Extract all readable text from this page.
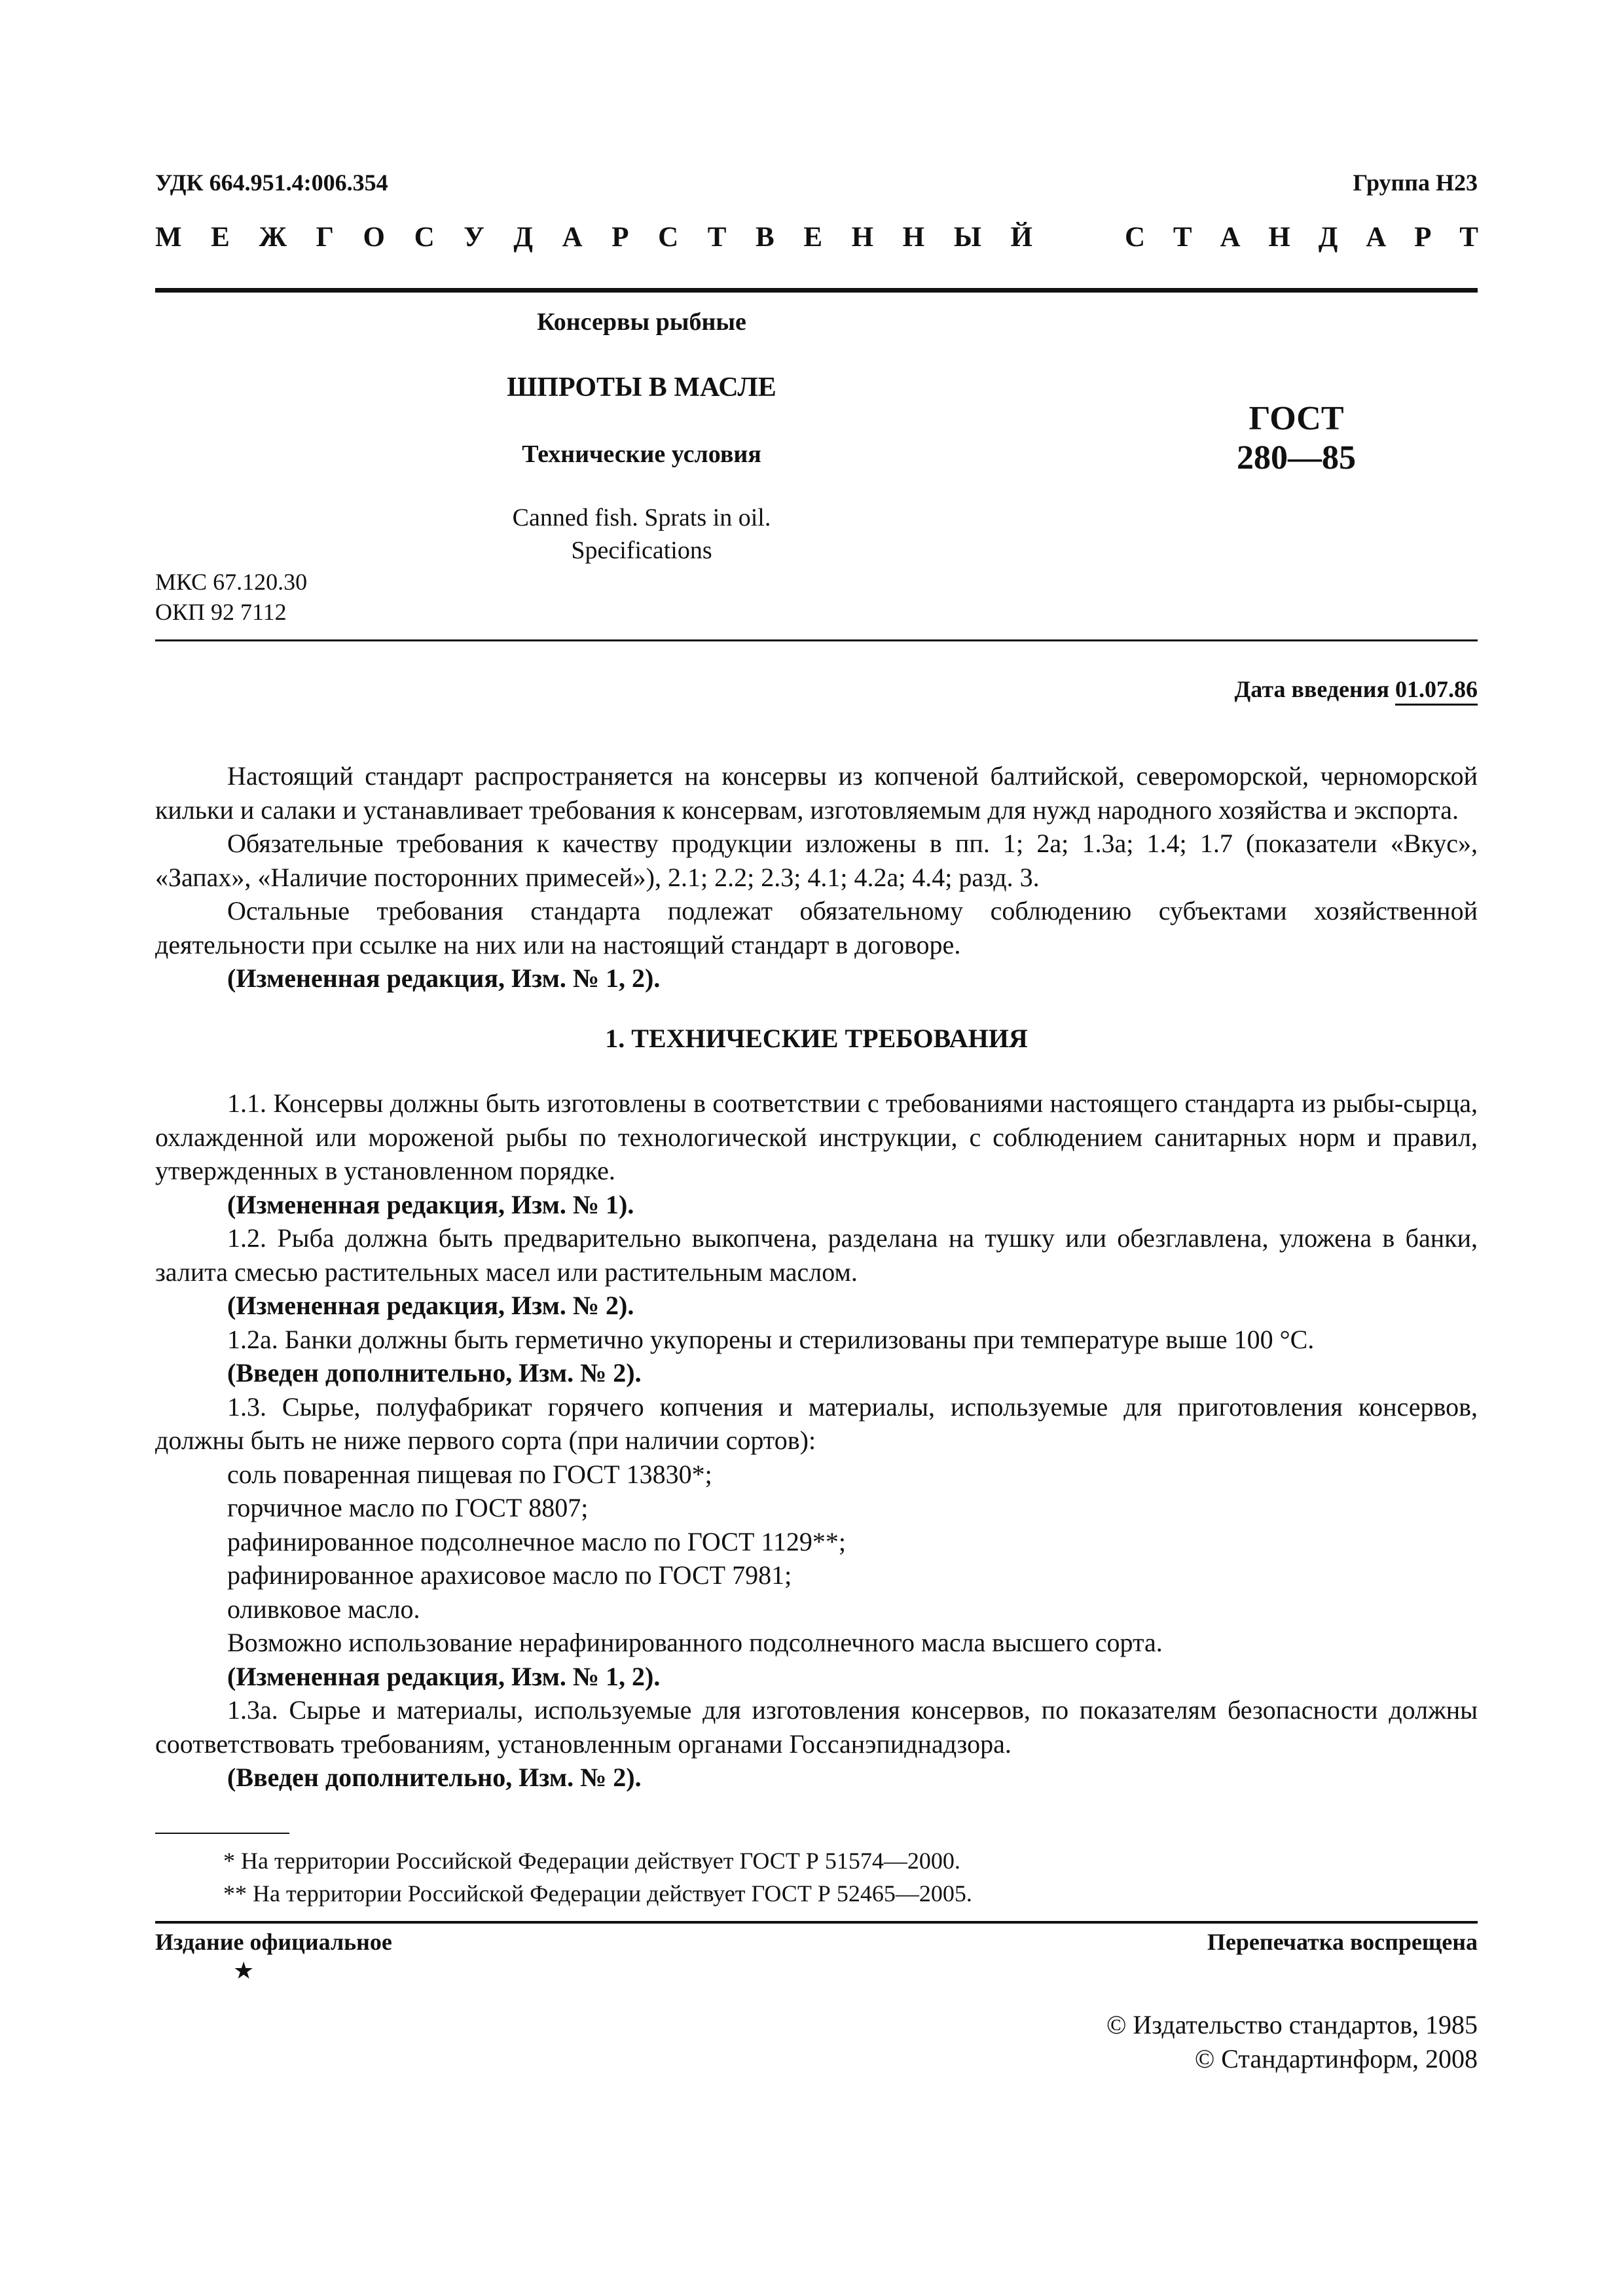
УДК 664.951.4:006.354	Группа Н23
М Е Ж Г О С У Д А Р С Т В Е Н Н Ы Й	С Т А Н Д А Р Т
Консервы рыбные
ШПРОТЫ В МАСЛЕ
Технические условия
Canned fish. Sprats in oil.
Specifications
ГОСТ
280—85
МКС 67.120.30
ОКП 92 7112
Дата введения 01.07.86

Настоящий стандарт распространяется на консервы из копченой балтийской, североморской, черноморской кильки и салаки и устанавливает требования к консервам, изготовляемым для нужд народного хозяйства и экспорта.

Обязательные требования к качеству продукции изложены в пп. 1; 2а; 1.3а; 1.4; 1.7 (показатели «Вкус», «Запах», «Наличие посторонних примесей»), 2.1; 2.2; 2.3; 4.1; 4.2а; 4.4; разд. 3.

Остальные требования стандарта подлежат обязательному соблюдению субъектами хозяйственной деятельности при ссылке на них или на настоящий стандарт в договоре.

(Измененная редакция, Изм. № 1, 2).

1. ТЕХНИЧЕСКИЕ ТРЕБОВАНИЯ

1.1. Консервы должны быть изготовлены в соответствии с требованиями настоящего стандарта из рыбы-сырца, охлажденной или мороженой рыбы по технологической инструкции, с соблюдением санитарных норм и правил, утвержденных в установленном порядке.

(Измененная редакция, Изм. № 1).

1.2. Рыба должна быть предварительно выкопчена, разделана на тушку или обезглавлена, уложена в банки, залита смесью растительных масел или растительным маслом.

(Измененная редакция, Изм. № 2).

1.2а. Банки должны быть герметично укупорены и стерилизованы при температуре выше 100 °С.

(Введен дополнительно, Изм. № 2).

1.3. Сырье, полуфабрикат горячего копчения и материалы, используемые для приготовления консервов, должны быть не ниже первого сорта (при наличии сортов):

соль поваренная пищевая по ГОСТ 13830*;

горчичное масло по ГОСТ 8807;

рафинированное подсолнечное масло по ГОСТ 1129**;

рафинированное арахисовое масло по ГОСТ 7981;

оливковое масло.

Возможно использование нерафинированного подсолнечного масла высшего сорта.

(Измененная редакция, Изм. № 1, 2).

1.3а. Сырье и материалы, используемые для изготовления консервов, по показателям безопасности должны соответствовать требованиям, установленным органами Госсанэпиднадзора.

(Введен дополнительно, Изм. № 2).

* На территории Российской Федерации действует ГОСТ Р 51574—2000.

** На территории Российской Федерации действует ГОСТ Р 52465—2005.

Издание официальное	Перепечатка воспрещена
★
© Издательство стандартов, 1985
© Стандартинформ, 2008
